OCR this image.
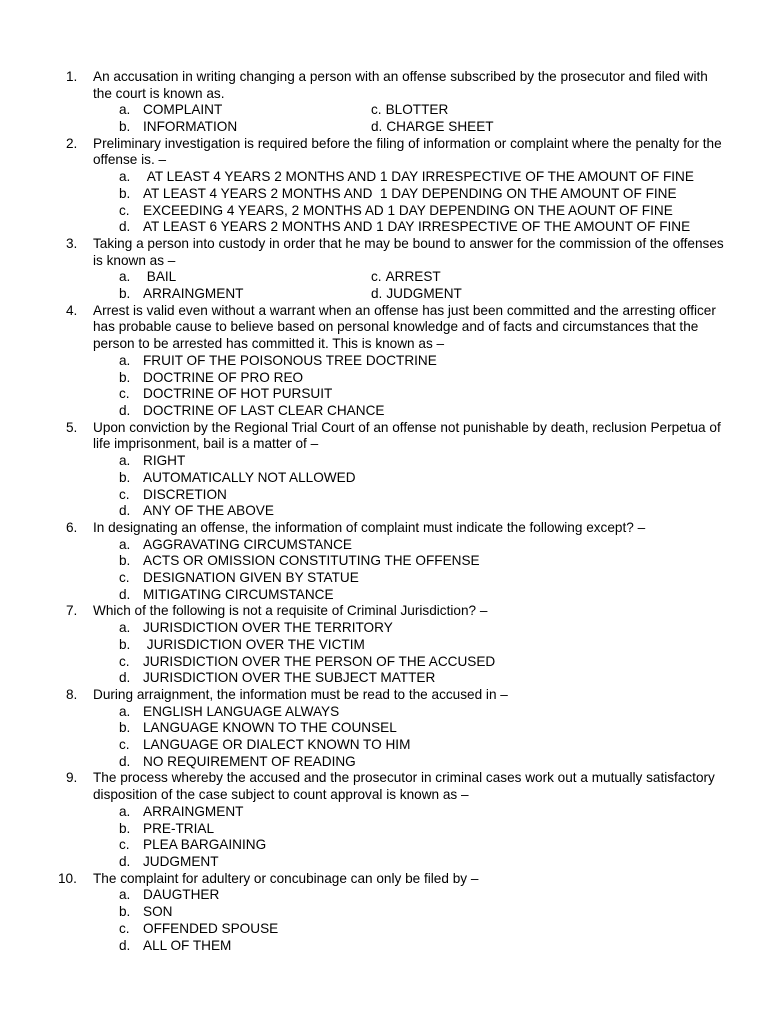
1.	An accusation in writing changing a person with an offense subscribed by the prosecutor and filed with the court is known as.
a. COMPLAINT	c. BLOTTER
b. INFORMATION	d. CHARGE SHEET
2.	Preliminary investigation is required before the filing of information or complaint where the penalty for the offense is. –
a. AT LEAST 4 YEARS 2 MONTHS AND 1 DAY IRRESPECTIVE OF THE AMOUNT OF FINE
b. AT LEAST 4 YEARS 2 MONTHS AND  1 DAY DEPENDING ON THE AMOUNT OF FINE
c. EXCEEDING 4 YEARS, 2 MONTHS AD 1 DAY DEPENDING ON THE AOUNT OF FINE
d. AT LEAST 6 YEARS 2 MONTHS AND 1 DAY IRRESPECTIVE OF THE AMOUNT OF FINE
3.	Taking a person into custody in order that he may be bound to answer for the commission of the offenses is known as –
a. BAIL	c. ARREST
b. ARRAINGMENT	d. JUDGMENT
4.	Arrest is valid even without a warrant when an offense has just been committed and the arresting officer has probable cause to believe based on personal knowledge and of facts and circumstances that the person to be arrested has committed it. This is known as –
a. FRUIT OF THE POISONOUS TREE DOCTRINE
b. DOCTRINE OF PRO REO
c. DOCTRINE OF HOT PURSUIT
d. DOCTRINE OF LAST CLEAR CHANCE
5.	Upon conviction by the Regional Trial Court of an offense not punishable by death, reclusion Perpetua of life imprisonment, bail is a matter of –
a. RIGHT
b. AUTOMATICALLY NOT ALLOWED
c. DISCRETION
d. ANY OF THE ABOVE
6.	In designating an offense, the information of complaint must indicate the following except? –
a. AGGRAVATING CIRCUMSTANCE
b. ACTS OR OMISSION CONSTITUTING THE OFFENSE
c. DESIGNATION GIVEN BY STATUE
d. MITIGATING CIRCUMSTANCE
7.	Which of the following is not a requisite of Criminal Jurisdiction? –
a. JURISDICTION OVER THE TERRITORY
b. JURISDICTION OVER THE VICTIM
c. JURISDICTION OVER THE PERSON OF THE ACCUSED
d. JURISDICTION OVER THE SUBJECT MATTER
8.	During arraignment, the information must be read to the accused in –
a. ENGLISH LANGUAGE ALWAYS
b. LANGUAGE KNOWN TO THE COUNSEL
c. LANGUAGE OR DIALECT KNOWN TO HIM
d. NO REQUIREMENT OF READING
9.	The process whereby the accused and the prosecutor in criminal cases work out a mutually satisfactory disposition of the case subject to count approval is known as –
a. ARRAINGMENT
b. PRE-TRIAL
c. PLEA BARGAINING
d. JUDGMENT
10. The complaint for adultery or concubinage can only be filed by –
a. DAUGTHER
b. SON
c. OFFENDED SPOUSE
d. ALL OF THEM
